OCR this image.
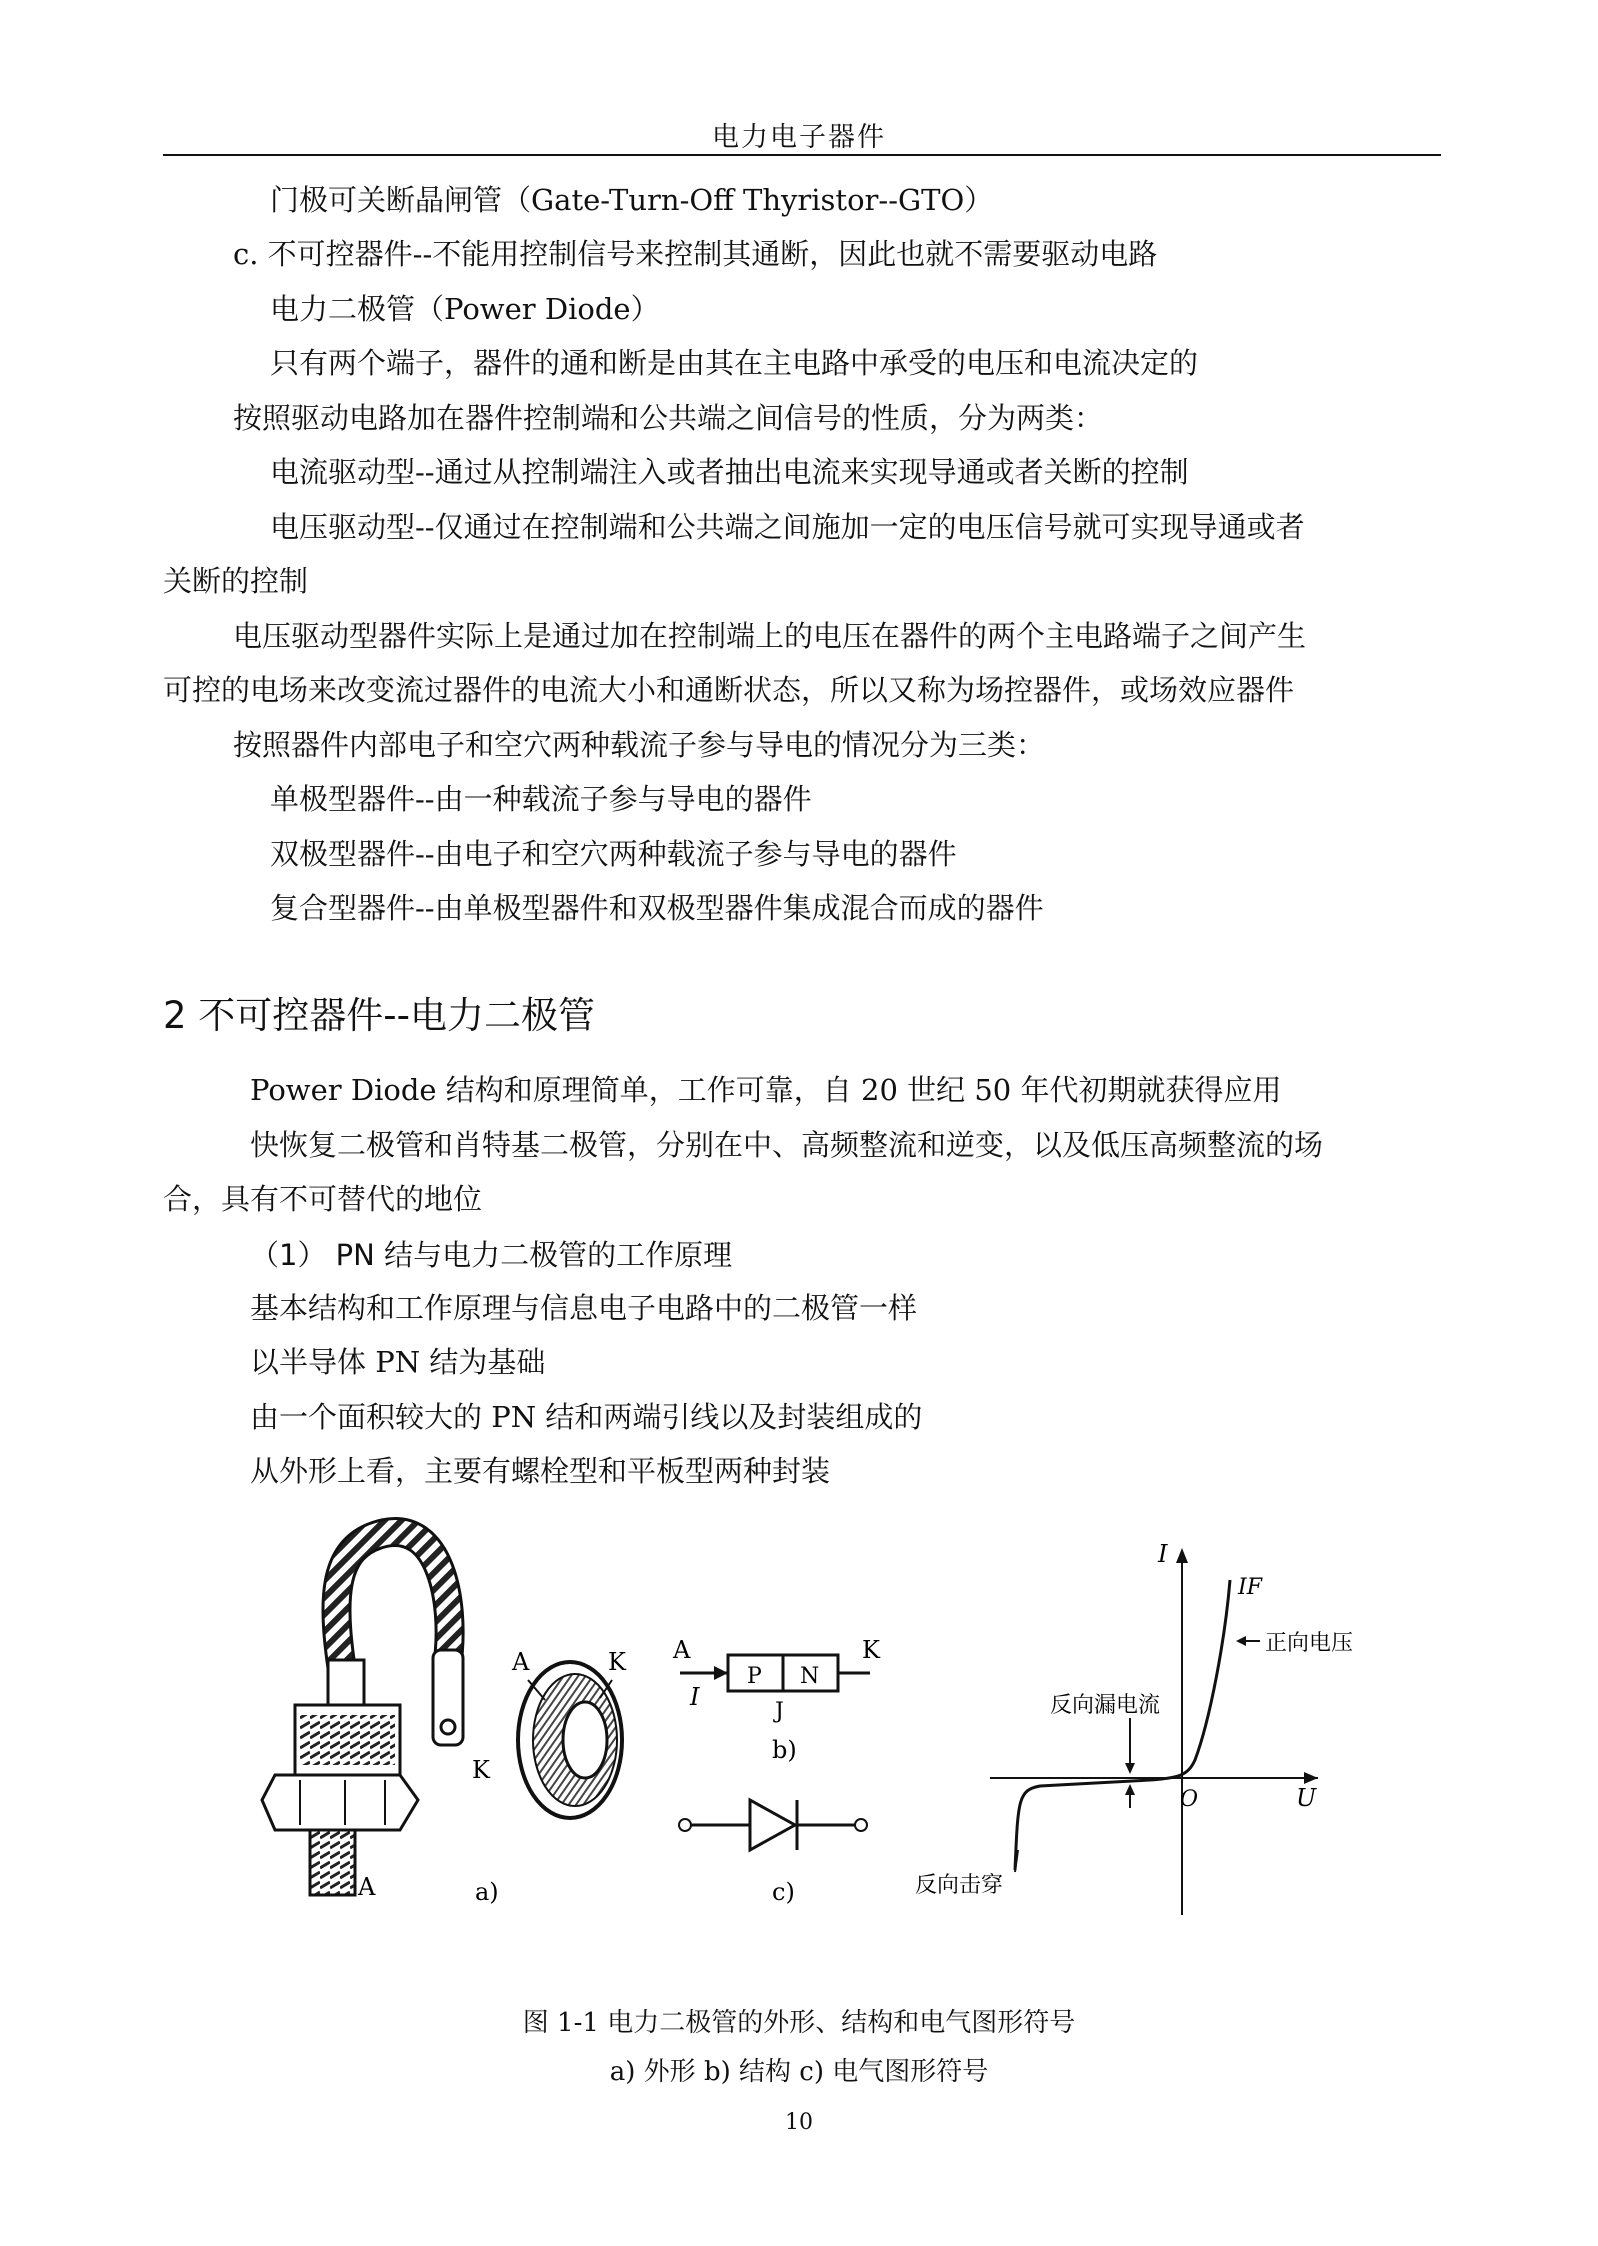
电力电子器件
门极可关断晶闸管（Gate-Turn-Off Thyristor--GTO）
c. 不可控器件--不能用控制信号来控制其通断，因此也就不需要驱动电路
电力二极管（Power Diode）
只有两个端子，器件的通和断是由其在主电路中承受的电压和电流决定的
按照驱动电路加在器件控制端和公共端之间信号的性质，分为两类：
电流驱动型--通过从控制端注入或者抽出电流来实现导通或者关断的控制
电压驱动型--仅通过在控制端和公共端之间施加一定的电压信号就可实现导通或者
关断的控制
电压驱动型器件实际上是通过加在控制端上的电压在器件的两个主电路端子之间产生
可控的电场来改变流过器件的电流大小和通断状态，所以又称为场控器件，或场效应器件
按照器件内部电子和空穴两种载流子参与导电的情况分为三类：
单极型器件--由一种载流子参与导电的器件
双极型器件--由电子和空穴两种载流子参与导电的器件
复合型器件--由单极型器件和双极型器件集成混合而成的器件
2 不可控器件--电力二极管
Power Diode 结构和原理简单，工作可靠，自 20 世纪 50 年代初期就获得应用
快恢复二极管和肖特基二极管，分别在中、高频整流和逆变，以及低压高频整流的场
合，具有不可替代的地位
（1） PN 结与电力二极管的工作原理
基本结构和工作原理与信息电子电路中的二极管一样
以半导体 PN 结为基础
由一个面积较大的 PN 结和两端引线以及封装组成的
从外形上看，主要有螺栓型和平板型两种封装
K
A
A	K
a)
A
I
P N
K
J
b)
c)
I
IF
正向电压
反向漏电流
O	U
反向击穿
图 1-1 电力二极管的外形、结构和电气图形符号
a) 外形 b) 结构 c) 电气图形符号
10
